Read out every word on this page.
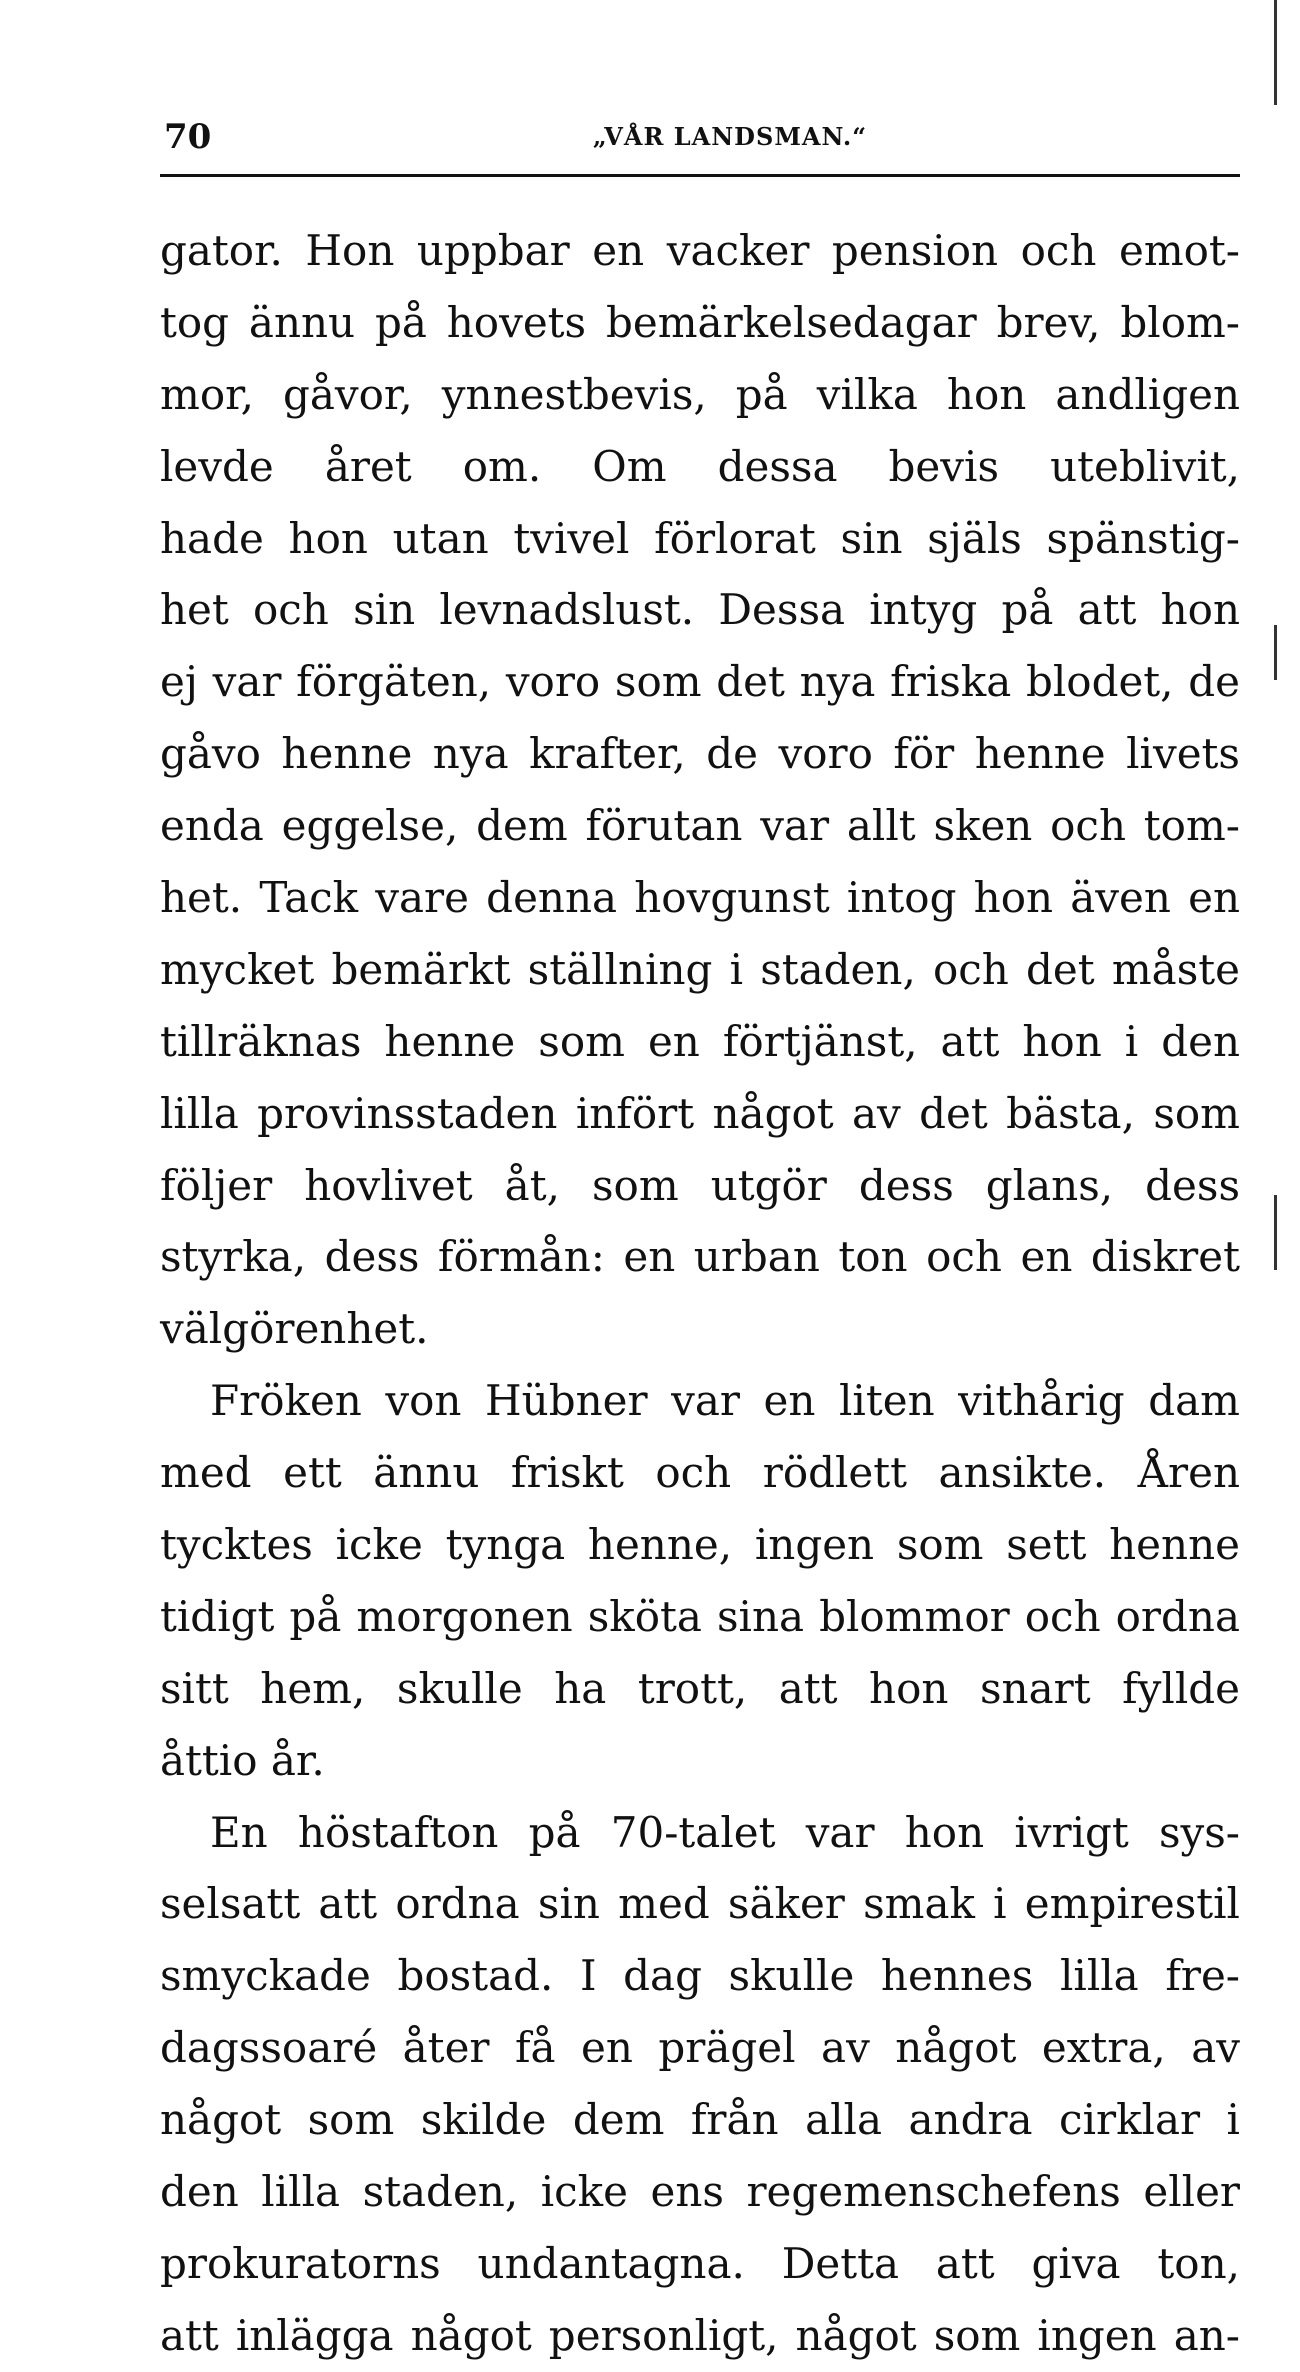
70	„VÅR LANDSMAN.“
gator. Hon uppbar en vacker pension och emot-
tog ännu på hovets bemärkelsedagar brev, blom-
mor, gåvor, ynnestbevis, på vilka hon andligen
levde året om. Om dessa bevis uteblivit,
hade hon utan tvivel förlorat sin själs spänstig-
het och sin levnadslust. Dessa intyg på att hon
ej var förgäten, voro som det nya friska blodet, de
gåvo henne nya krafter, de voro för henne livets
enda eggelse, dem förutan var allt sken och tom-
het. Tack vare denna hovgunst intog hon även en
mycket bemärkt ställning i staden, och det måste
tillräknas henne som en förtjänst, att hon i den
lilla provinsstaden infört något av det bästa, som
följer hovlivet åt, som utgör dess glans, dess
styrka, dess förmån: en urban ton och en diskret
välgörenhet.
Fröken von Hübner var en liten vithårig dam
med ett ännu friskt och rödlett ansikte. Åren
tycktes icke tynga henne, ingen som sett henne
tidigt på morgonen sköta sina blommor och ordna
sitt hem, skulle ha trott, att hon snart fyllde
åttio år.
En höstafton på 70-talet var hon ivrigt sys-
selsatt att ordna sin med säker smak i empirestil
smyckade bostad. I dag skulle hennes lilla fre-
dagssoaré åter få en prägel av något extra, av
något som skilde dem från alla andra cirklar i
den lilla staden, icke ens regemenschefens eller
prokuratorns undantagna. Detta att giva ton,
att inlägga något personligt, något som ingen an-
